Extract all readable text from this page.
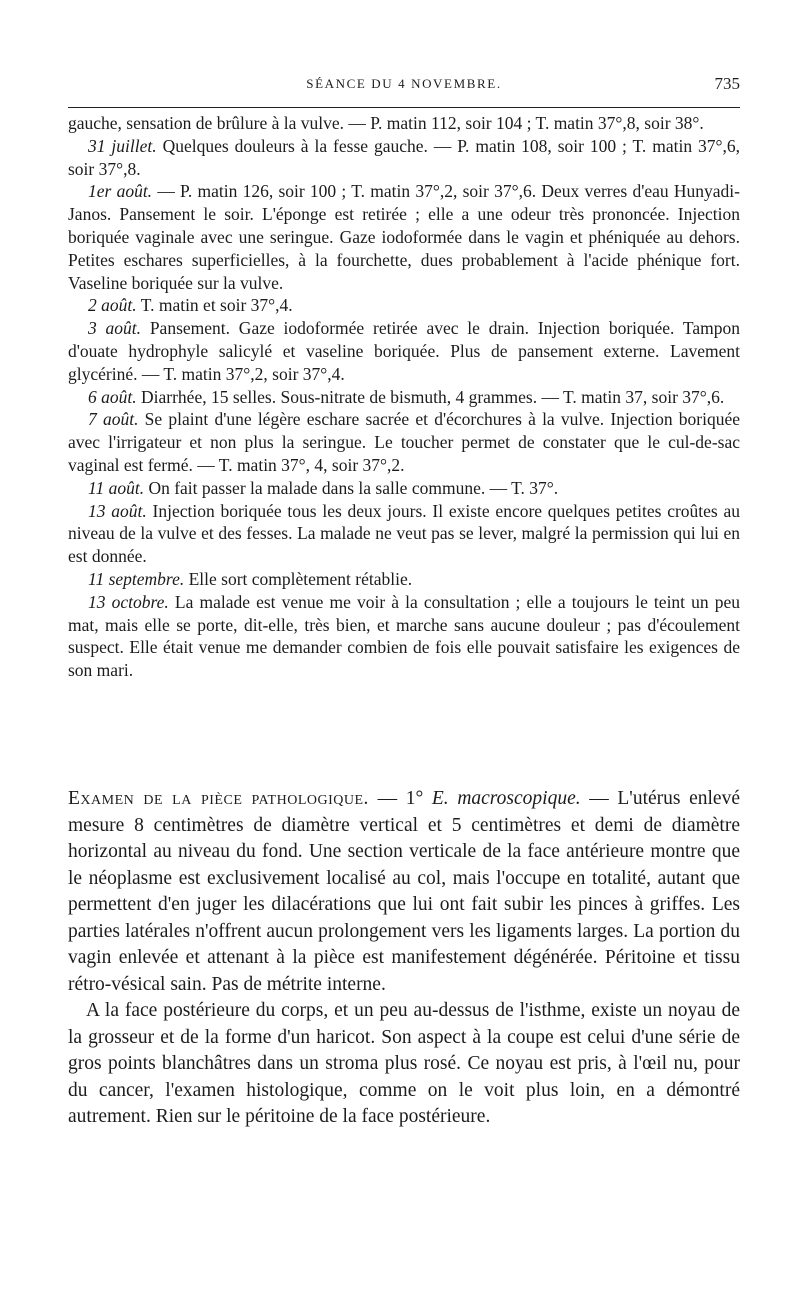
SÉANCE DU 4 NOVEMBRE.	735

gauche, sensation de brûlure à la vulve. — P. matin 112, soir 104 ; T. matin 37°,8, soir 38°.

31 juillet. Quelques douleurs à la fesse gauche. — P. matin 108, soir 100 ; T. matin 37°,6, soir 37°,8.

1er août. — P. matin 126, soir 100 ; T. matin 37°,2, soir 37°,6. Deux verres d'eau Hunyadi-Janos. Pansement le soir. L'éponge est retirée ; elle a une odeur très prononcée. Injection boriquée vaginale avec une seringue. Gaze iodoformée dans le vagin et phéniquée au dehors. Petites eschares superficielles, à la fourchette, dues probablement à l'acide phénique fort. Vaseline boriquée sur la vulve.

2 août. T. matin et soir 37°,4.

3 août. Pansement. Gaze iodoformée retirée avec le drain. Injection boriquée. Tampon d'ouate hydrophyle salicylé et vaseline boriquée. Plus de pansement externe. Lavement glycériné. — T. matin 37°,2, soir 37°,4.

6 août. Diarrhée, 15 selles. Sous-nitrate de bismuth, 4 grammes. — T. matin 37, soir 37°,6.

7 août. Se plaint d'une légère eschare sacrée et d'écorchures à la vulve. Injection boriquée avec l'irrigateur et non plus la seringue. Le toucher permet de constater que le cul-de-sac vaginal est fermé. — T. matin 37°, 4, soir 37°,2.

11 août. On fait passer la malade dans la salle commune. — T. 37°.

13 août. Injection boriquée tous les deux jours. Il existe encore quelques petites croûtes au niveau de la vulve et des fesses. La malade ne veut pas se lever, malgré la permission qui lui en est donnée.

11 septembre. Elle sort complètement rétablie.

13 octobre. La malade est venue me voir à la consultation ; elle a toujours le teint un peu mat, mais elle se porte, dit-elle, très bien, et marche sans aucune douleur ; pas d'écoulement suspect. Elle était venue me demander combien de fois elle pouvait satisfaire les exigences de son mari.

Examen de la pièce pathologique. — 1° E. macroscopique. — L'utérus enlevé mesure 8 centimètres de diamètre vertical et 5 centimètres et demi de diamètre horizontal au niveau du fond. Une section verticale de la face antérieure montre que le néoplasme est exclusivement localisé au col, mais l'occupe en totalité, autant que permettent d'en juger les dilacérations que lui ont fait subir les pinces à griffes. Les parties latérales n'offrent aucun prolongement vers les ligaments larges. La portion du vagin enlevée et attenant à la pièce est manifestement dégénérée. Péritoine et tissu rétro-vésical sain. Pas de métrite interne.

A la face postérieure du corps, et un peu au-dessus de l'isthme, existe un noyau de la grosseur et de la forme d'un haricot. Son aspect à la coupe est celui d'une série de gros points blanchâtres dans un stroma plus rosé. Ce noyau est pris, à l'œil nu, pour du cancer, l'examen histologique, comme on le voit plus loin, en a démontré autrement. Rien sur le péritoine de la face postérieure.
